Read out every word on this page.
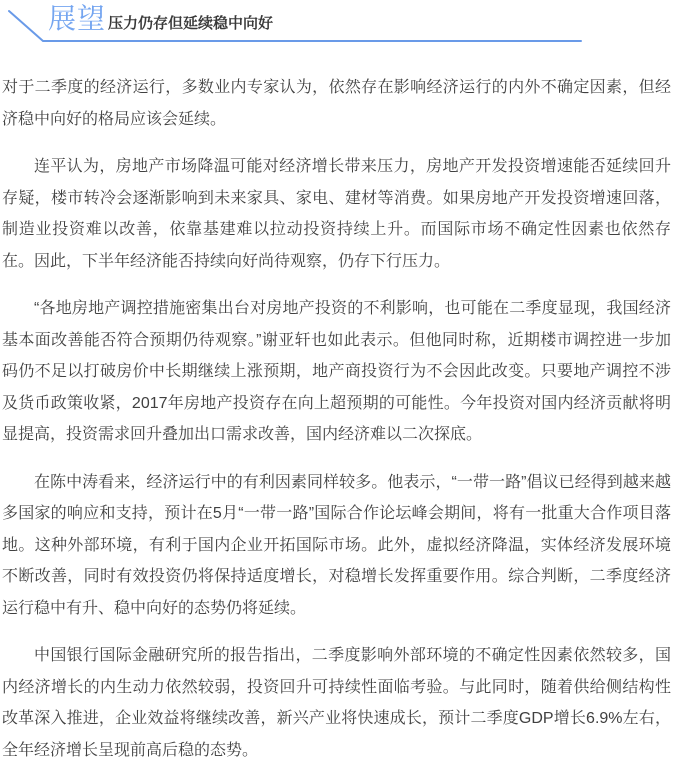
展望 压力仍存但延续稳中向好

对于二季度的经济运行，多数业内专家认为，依然存在影响经济运行的内外不确定因素，但经济稳中向好的格局应该会延续。

连平认为，房地产市场降温可能对经济增长带来压力，房地产开发投资增速能否延续回升存疑，楼市转冷会逐渐影响到未来家具、家电、建材等消费。如果房地产开发投资增速回落，制造业投资难以改善，依靠基建难以拉动投资持续上升。而国际市场不确定性因素也依然存在。因此，下半年经济能否持续向好尚待观察，仍存下行压力。

“各地房地产调控措施密集出台对房地产投资的不利影响，也可能在二季度显现，我国经济基本面改善能否符合预期仍待观察。”谢亚轩也如此表示。但他同时称，近期楼市调控进一步加码仍不足以打破房价中长期继续上涨预期，地产商投资行为不会因此改变。只要地产调控不涉及货币政策收紧，2017年房地产投资存在向上超预期的可能性。今年投资对国内经济贡献将明显提高，投资需求回升叠加出口需求改善，国内经济难以二次探底。

在陈中涛看来，经济运行中的有利因素同样较多。他表示，“一带一路”倡议已经得到越来越多国家的响应和支持，预计在5月“一带一路”国际合作论坛峰会期间，将有一批重大合作项目落地。这种外部环境，有利于国内企业开拓国际市场。此外，虚拟经济降温，实体经济发展环境不断改善，同时有效投资仍将保持适度增长，对稳增长发挥重要作用。综合判断，二季度经济运行稳中有升、稳中向好的态势仍将延续。

中国银行国际金融研究所的报告指出，二季度影响外部环境的不确定性因素依然较多，国内经济增长的内生动力依然较弱，投资回升可持续性面临考验。与此同时，随着供给侧结构性改革深入推进，企业效益将继续改善，新兴产业将快速成长，预计二季度GDP增长6.9%左右，全年经济增长呈现前高后稳的态势。
